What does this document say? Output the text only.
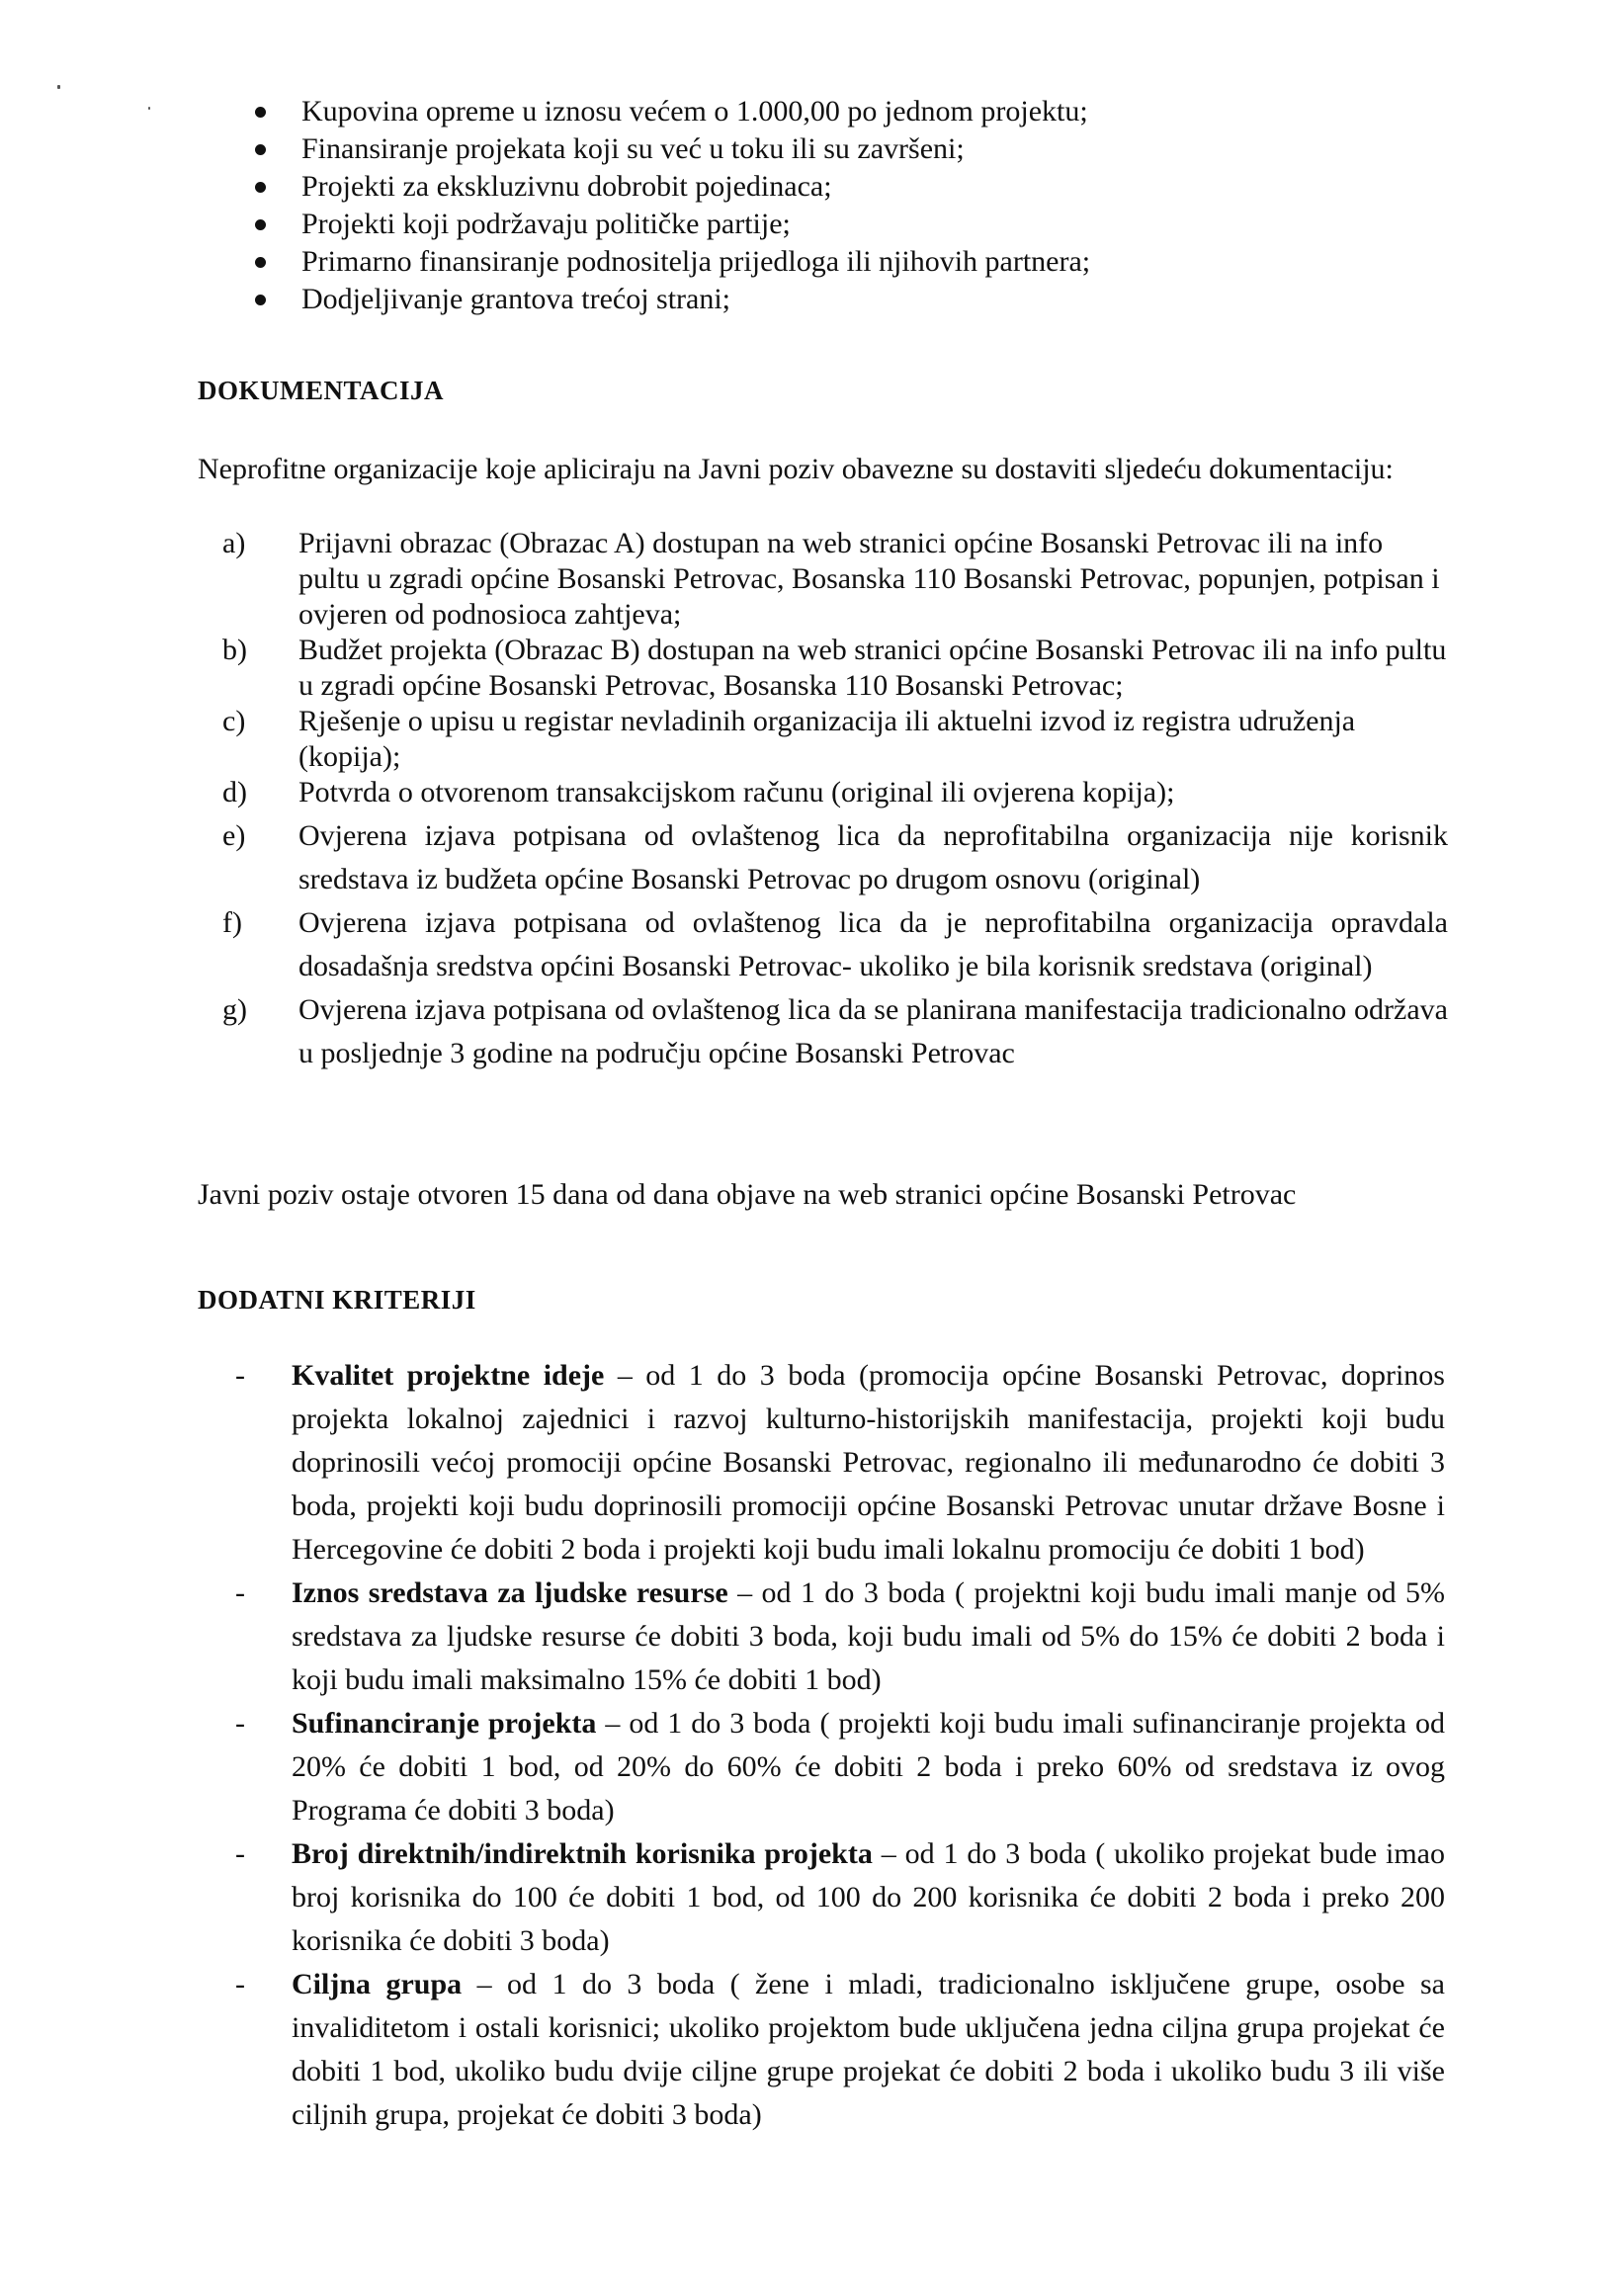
Kupovina opreme u iznosu većem o 1.000,00 po jednom projektu;
Finansiranje projekata koji su već u toku ili su završeni;
Projekti za ekskluzivnu dobrobit pojedinaca;
Projekti koji podržavaju političke partije;
Primarno finansiranje podnositelja prijedloga ili njihovih partnera;
Dodjeljivanje grantova trećoj strani;
DOKUMENTACIJA
Neprofitne organizacije koje apliciraju na Javni poziv obavezne su dostaviti sljedeću dokumentaciju:
a) Prijavni obrazac (Obrazac A) dostupan na web stranici općine Bosanski Petrovac ili na info pultu u zgradi općine Bosanski Petrovac, Bosanska 110 Bosanski Petrovac, popunjen, potpisan i ovjeren od podnosioca zahtjeva;
b) Budžet projekta (Obrazac B) dostupan na web stranici općine Bosanski Petrovac ili na info pultu u zgradi općine Bosanski Petrovac, Bosanska 110 Bosanski Petrovac;
c) Rješenje o upisu u registar nevladinih organizacija ili aktuelni izvod iz registra udruženja (kopija);
d) Potvrda o otvorenom transakcijskom računu (original ili ovjerena kopija);
e) Ovjerena izjava potpisana od ovlaštenog lica da neprofitabilna organizacija nije korisnik sredstava iz budžeta općine Bosanski Petrovac po drugom osnovu (original)
f) Ovjerena izjava potpisana od ovlaštenog lica da je neprofitabilna organizacija opravdala dosadašnja sredstva općini Bosanski Petrovac- ukoliko je bila korisnik sredstava (original)
g) Ovjerena izjava potpisana od ovlaštenog lica da se planirana manifestacija tradicionalno održava u posljednje 3 godine na području općine Bosanski Petrovac
Javni poziv ostaje otvoren 15 dana od dana objave na web stranici općine Bosanski Petrovac
DODATNI KRITERIJI
- Kvalitet projektne ideje – od 1 do 3 boda (promocija općine Bosanski Petrovac, doprinos projekta lokalnoj zajednici i razvoj kulturno-historijskih manifestacija, projekti koji budu doprinosili većoj promociji općine Bosanski Petrovac, regionalno ili međunarodno će dobiti 3 boda, projekti koji budu doprinosili promociji općine Bosanski Petrovac unutar države Bosne i Hercegovine će dobiti 2 boda i projekti koji budu imali lokalnu promociju će dobiti 1 bod)
- Iznos sredstava za ljudske resurse – od 1 do 3 boda ( projektni koji budu imali manje od 5% sredstava za ljudske resurse će dobiti 3 boda, koji budu imali od 5% do 15% će dobiti 2 boda i koji budu imali maksimalno 15% će dobiti 1 bod)
- Sufinanciranje projekta – od 1 do 3 boda ( projekti koji budu imali sufinanciranje projekta od 20% će dobiti 1 bod, od 20% do 60% će dobiti 2 boda i preko 60% od sredstava iz ovog Programa će dobiti 3 boda)
- Broj direktnih/indirektnih korisnika projekta – od 1 do 3 boda ( ukoliko projekat bude imao broj korisnika do 100 će dobiti 1 bod, od 100 do 200 korisnika će dobiti 2 boda i preko 200 korisnika će dobiti 3 boda)
- Ciljna grupa – od 1 do 3 boda ( žene i mladi, tradicionalno isključene grupe, osobe sa invaliditetom i ostali korisnici; ukoliko projektom bude uključena jedna ciljna grupa projekat će dobiti 1 bod, ukoliko budu dvije ciljne grupe projekat će dobiti 2 boda i ukoliko budu 3 ili više ciljnih grupa, projekat će dobiti 3 boda)
